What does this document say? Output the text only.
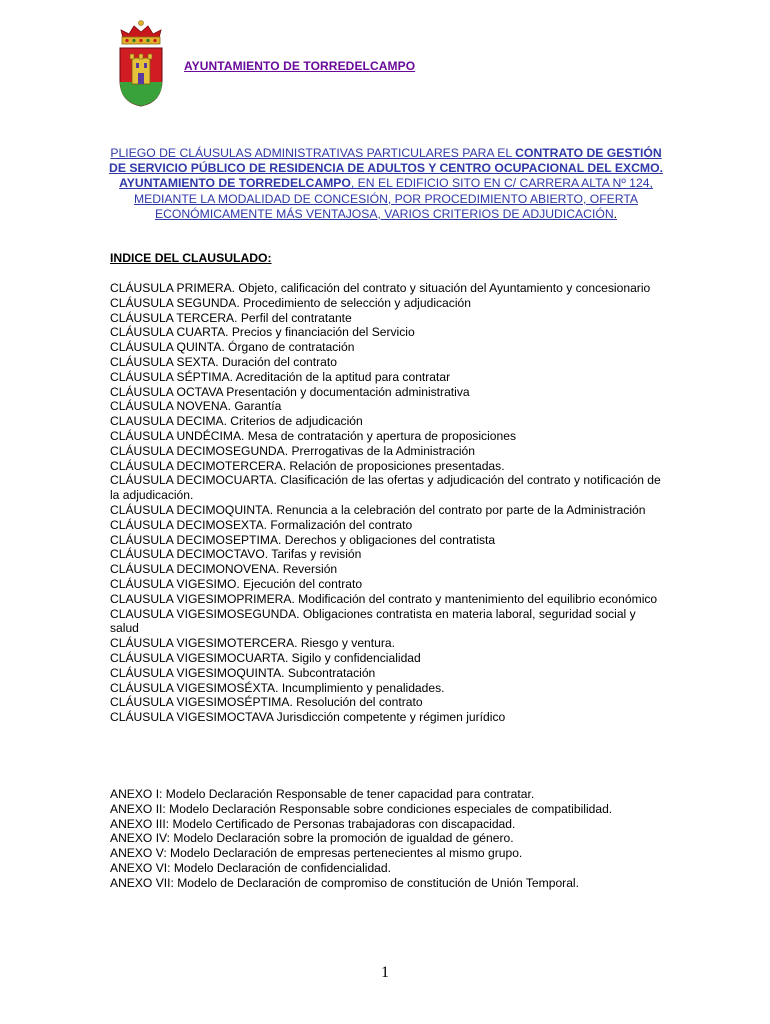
AYUNTAMIENTO DE TORREDELCAMPO
PLIEGO DE CLÁUSULAS ADMINISTRATIVAS PARTICULARES PARA EL CONTRATO DE GESTIÓN DE SERVICIO PÚBLICO DE RESIDENCIA DE ADULTOS Y CENTRO OCUPACIONAL DEL EXCMO. AYUNTAMIENTO DE TORREDELCAMPO, EN EL EDIFICIO SITO EN C/ CARRERA ALTA Nº 124, MEDIANTE LA MODALIDAD DE CONCESIÓN, POR PROCEDIMIENTO ABIERTO, OFERTA ECONÓMICAMENTE MÁS VENTAJOSA, VARIOS CRITERIOS DE ADJUDICACIÓN.
INDICE DEL CLAUSULADO:
CLÁUSULA PRIMERA. Objeto, calificación del contrato y situación del Ayuntamiento y concesionario
CLÁUSULA SEGUNDA. Procedimiento de selección y adjudicación
CLÁUSULA TERCERA. Perfil del contratante
CLÁUSULA CUARTA. Precios y financiación del Servicio
CLÁUSULA QUINTA. Órgano de contratación
CLÁUSULA SEXTA. Duración del contrato
CLÁUSULA SÉPTIMA. Acreditación de la aptitud para contratar
CLÁUSULA OCTAVA Presentación y documentación administrativa
CLÁUSULA NOVENA. Garantía
CLAUSULA DECIMA. Criterios de adjudicación
CLÁUSULA UNDÉCIMA. Mesa de contratación y apertura de proposiciones
CLÁUSULA DECIMOSEGUNDA. Prerrogativas de la Administración
CLÁUSULA DECIMOTERCERA. Relación de proposiciones presentadas.
CLÁUSULA DECIMOCUARTA. Clasificación de las ofertas y adjudicación del contrato y notificación de la adjudicación.
CLÁUSULA DECIMOQUINTA. Renuncia a la celebración del contrato por parte de la Administración
CLÁUSULA DECIMOSEXTA. Formalización del contrato
CLÁUSULA DECIMOSEPTIMA. Derechos y obligaciones del contratista
CLÁUSULA DECIMOCTAVO. Tarifas y revisión
CLÁUSULA DECIMONOVENA. Reversión
CLÁUSULA VIGESIMO. Ejecución del contrato
CLAUSULA VIGESIMOPRIMERA. Modificación del contrato y mantenimiento del equilibrio económico
CLAUSULA VIGESIMOSEGUNDA. Obligaciones contratista en materia laboral, seguridad social y salud
CLÁUSULA VIGESIMOTERCERA. Riesgo y ventura.
CLÁUSULA VIGESIMOCUARTA. Sigilo y confidencialidad
CLÁUSULA VIGESIMOQUINTA. Subcontratación
CLÁUSULA VIGESIMOSÉXTA. Incumplimiento y penalidades.
CLÁUSULA VIGESIMOSÉPTIMA. Resolución del contrato
CLÁUSULA VIGESIMOCTAVA Jurisdicción competente y régimen jurídico
ANEXO I: Modelo Declaración Responsable de tener capacidad para contratar.
ANEXO II: Modelo Declaración Responsable sobre condiciones especiales de compatibilidad.
ANEXO III: Modelo Certificado de Personas trabajadoras con discapacidad.
ANEXO IV: Modelo Declaración sobre la promoción de igualdad de género.
ANEXO V: Modelo Declaración de empresas pertenecientes al mismo grupo.
ANEXO VI: Modelo Declaración de confidencialidad.
ANEXO VII: Modelo de Declaración de compromiso de constitución de Unión Temporal.
1
